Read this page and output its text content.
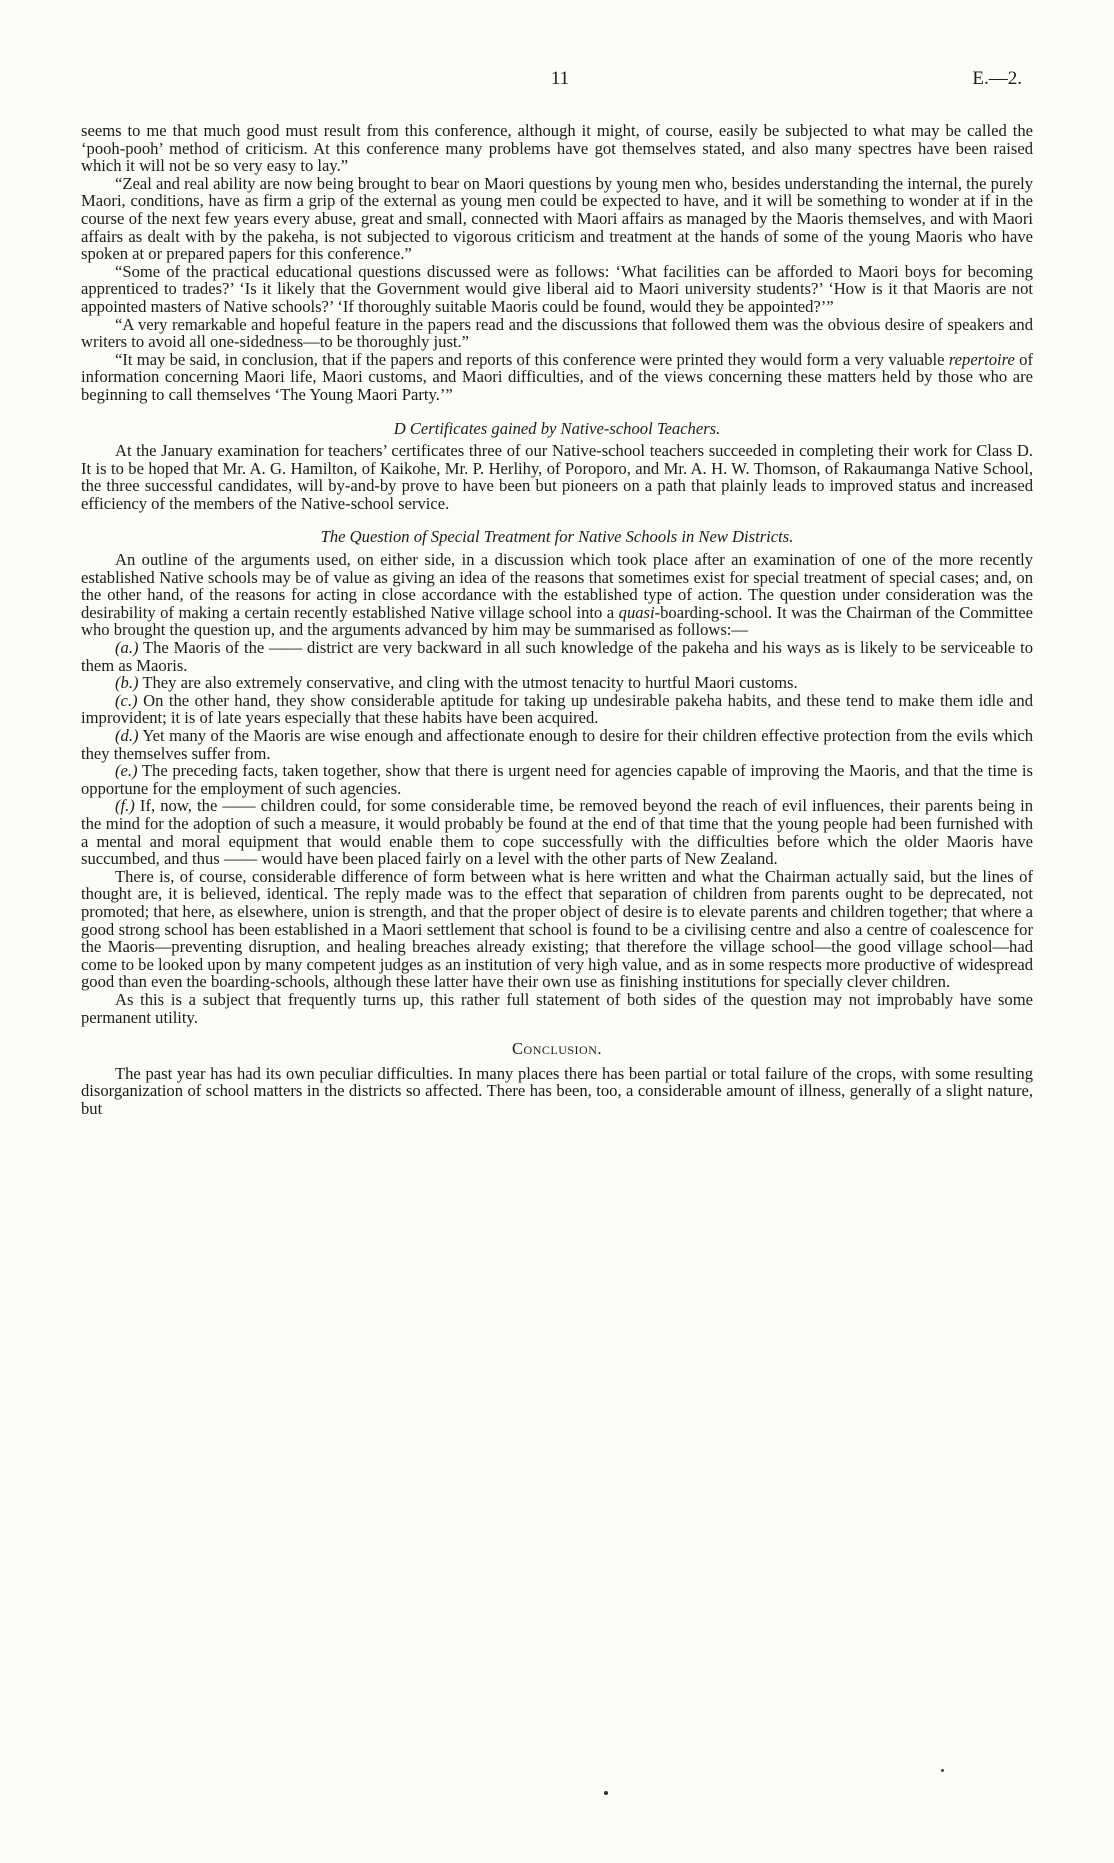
11	E.—2.

seems to me that much good must result from this conference, although it might, of course, easily be subjected to what may be called the ‘pooh-pooh’ method of criticism. At this conference many problems have got themselves stated, and also many spectres have been raised which it will not be so very easy to lay.”

“Zeal and real ability are now being brought to bear on Maori questions by young men who, besides understanding the internal, the purely Maori, conditions, have as firm a grip of the external as young men could be expected to have, and it will be something to wonder at if in the course of the next few years every abuse, great and small, connected with Maori affairs as managed by the Maoris themselves, and with Maori affairs as dealt with by the pakeha, is not subjected to vigorous criticism and treatment at the hands of some of the young Maoris who have spoken at or prepared papers for this conference.”

“Some of the practical educational questions discussed were as follows: ‘What facilities can be afforded to Maori boys for becoming apprenticed to trades?’ ‘Is it likely that the Government would give liberal aid to Maori university students?’ ‘How is it that Maoris are not appointed masters of Native schools?’ ‘If thoroughly suitable Maoris could be found, would they be appointed?’”

“A very remarkable and hopeful feature in the papers read and the discussions that followed them was the obvious desire of speakers and writers to avoid all one-sidedness—to be thoroughly just.”

“It may be said, in conclusion, that if the papers and reports of this conference were printed they would form a very valuable repertoire of information concerning Maori life, Maori customs, and Maori difficulties, and of the views concerning these matters held by those who are beginning to call themselves ‘The Young Maori Party.’”

D Certificates gained by Native-school Teachers.

At the January examination for teachers’ certificates three of our Native-school teachers succeeded in completing their work for Class D. It is to be hoped that Mr. A. G. Hamilton, of Kaikohe, Mr. P. Herlihy, of Poroporo, and Mr. A. H. W. Thomson, of Rakaumanga Native School, the three successful candidates, will by-and-by prove to have been but pioneers on a path that plainly leads to improved status and increased efficiency of the members of the Native-school service.

The Question of Special Treatment for Native Schools in New Districts.

An outline of the arguments used, on either side, in a discussion which took place after an examination of one of the more recently established Native schools may be of value as giving an idea of the reasons that sometimes exist for special treatment of special cases; and, on the other hand, of the reasons for acting in close accordance with the established type of action. The question under consideration was the desirability of making a certain recently established Native village school into a quasi-boarding-school. It was the Chairman of the Committee who brought the question up, and the arguments advanced by him may be summarised as follows:—

(a.) The Maoris of the —— district are very backward in all such knowledge of the pakeha and his ways as is likely to be serviceable to them as Maoris.

(b.) They are also extremely conservative, and cling with the utmost tenacity to hurtful Maori customs.

(c.) On the other hand, they show considerable aptitude for taking up undesirable pakeha habits, and these tend to make them idle and improvident; it is of late years especially that these habits have been acquired.

(d.) Yet many of the Maoris are wise enough and affectionate enough to desire for their children effective protection from the evils which they themselves suffer from.

(e.) The preceding facts, taken together, show that there is urgent need for agencies capable of improving the Maoris, and that the time is opportune for the employment of such agencies.

(f.) If, now, the —— children could, for some considerable time, be removed beyond the reach of evil influences, their parents being in the mind for the adoption of such a measure, it would probably be found at the end of that time that the young people had been furnished with a mental and moral equipment that would enable them to cope successfully with the difficulties before which the older Maoris have succumbed, and thus —— would have been placed fairly on a level with the other parts of New Zealand.

There is, of course, considerable difference of form between what is here written and what the Chairman actually said, but the lines of thought are, it is believed, identical. The reply made was to the effect that separation of children from parents ought to be deprecated, not promoted; that here, as elsewhere, union is strength, and that the proper object of desire is to elevate parents and children together; that where a good strong school has been established in a Maori settlement that school is found to be a civilising centre and also a centre of coalescence for the Maoris—preventing disruption, and healing breaches already existing; that therefore the village school—the good village school—had come to be looked upon by many competent judges as an institution of very high value, and as in some respects more productive of widespread good than even the boarding-schools, although these latter have their own use as finishing institutions for specially clever children.

As this is a subject that frequently turns up, this rather full statement of both sides of the question may not improbably have some permanent utility.

Conclusion.

The past year has had its own peculiar difficulties. In many places there has been partial or total failure of the crops, with some resulting disorganization of school matters in the districts so affected. There has been, too, a considerable amount of illness, generally of a slight nature, but
